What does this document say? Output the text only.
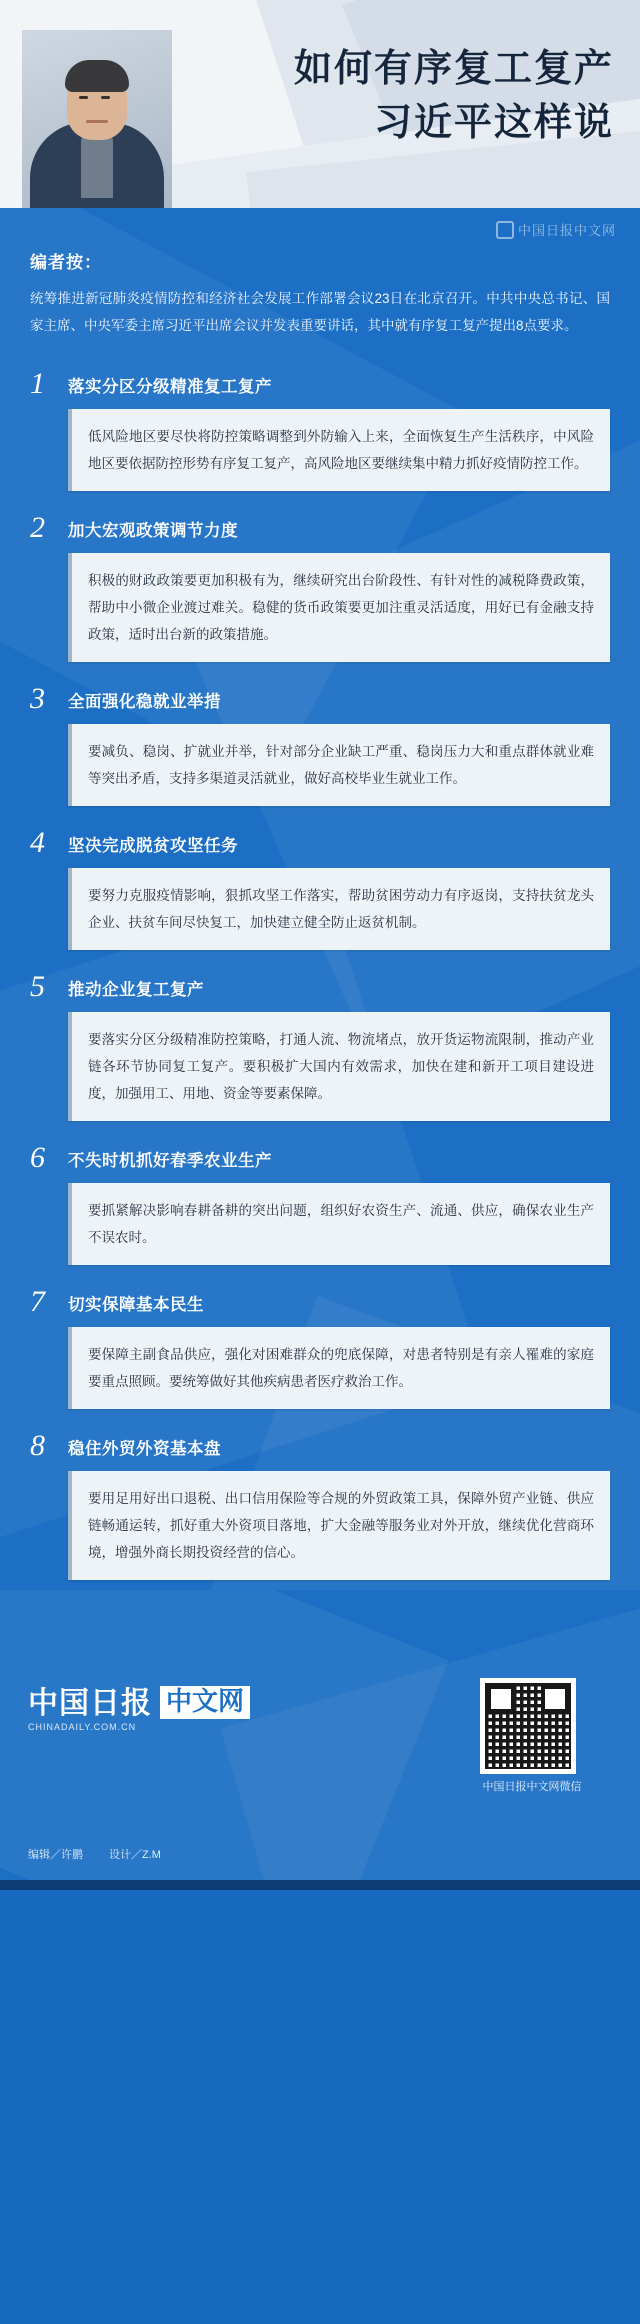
如何有序复工复产
习近平这样说
中国日报中文网
编者按：
统筹推进新冠肺炎疫情防控和经济社会发展工作部署会议23日在北京召开。中共中央总书记、国家主席、中央军委主席习近平出席会议并发表重要讲话，其中就有序复工复产提出8点要求。
1	落实分区分级精准复工复产
低风险地区要尽快将防控策略调整到外防输入上来，全面恢复生产生活秩序，中风险地区要依据防控形势有序复工复产，高风险地区要继续集中精力抓好疫情防控工作。
2	加大宏观政策调节力度
积极的财政政策要更加积极有为，继续研究出台阶段性、有针对性的减税降费政策，帮助中小微企业渡过难关。稳健的货币政策要更加注重灵活适度，用好已有金融支持政策，适时出台新的政策措施。
3	全面强化稳就业举措
要减负、稳岗、扩就业并举，针对部分企业缺工严重、稳岗压力大和重点群体就业难等突出矛盾，支持多渠道灵活就业，做好高校毕业生就业工作。
4	坚决完成脱贫攻坚任务
要努力克服疫情影响，狠抓攻坚工作落实，帮助贫困劳动力有序返岗，支持扶贫龙头企业、扶贫车间尽快复工，加快建立健全防止返贫机制。
5	推动企业复工复产
要落实分区分级精准防控策略，打通人流、物流堵点，放开货运物流限制，推动产业链各环节协同复工复产。要积极扩大国内有效需求，加快在建和新开工项目建设进度，加强用工、用地、资金等要素保障。
6	不失时机抓好春季农业生产
要抓紧解决影响春耕备耕的突出问题，组织好农资生产、流通、供应，确保农业生产不误农时。
7	切实保障基本民生
要保障主副食品供应，强化对困难群众的兜底保障，对患者特别是有亲人罹难的家庭要重点照顾。要统筹做好其他疾病患者医疗救治工作。
8	稳住外贸外资基本盘
要用足用好出口退税、出口信用保险等合规的外贸政策工具，保障外贸产业链、供应链畅通运转，抓好重大外资项目落地，扩大金融等服务业对外开放，继续优化营商环境，增强外商长期投资经营的信心。
中国日报中文网微信
中国日报 中文网
CHINADAILY.COM.CN
编辑／许鹏 设计／Z.M
